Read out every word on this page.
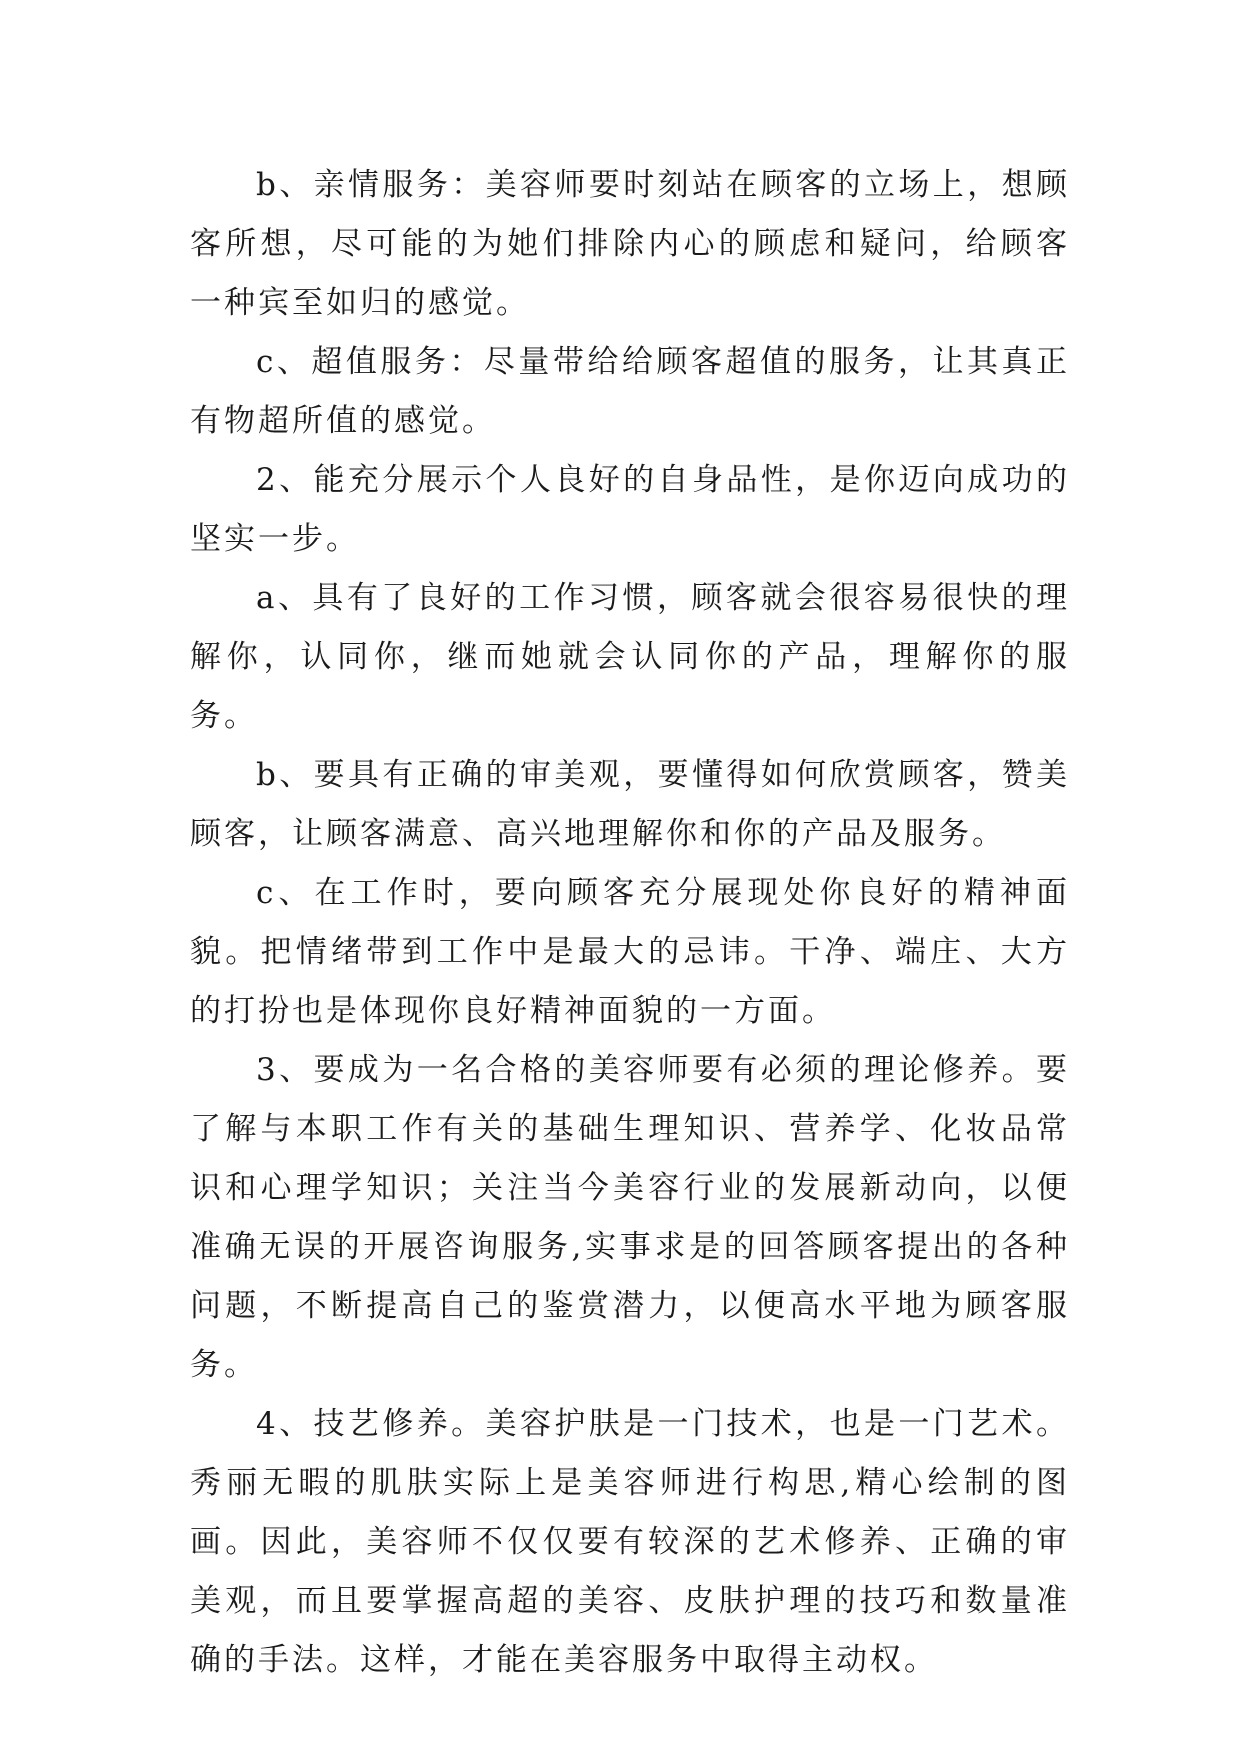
b、亲情服务：美容师要时刻站在顾客的立场上，想顾客所想，尽可能的为她们排除内心的顾虑和疑问，给顾客一种宾至如归的感觉。

c、超值服务：尽量带给给顾客超值的服务，让其真正有物超所值的感觉。

2、能充分展示个人良好的自身品性，是你迈向成功的坚实一步。

a、具有了良好的工作习惯，顾客就会很容易很快的理解你，认同你，继而她就会认同你的产品，理解你的服务。

b、要具有正确的审美观，要懂得如何欣赏顾客，赞美顾客，让顾客满意、高兴地理解你和你的产品及服务。

c、在工作时，要向顾客充分展现处你良好的精神面貌。把情绪带到工作中是最大的忌讳。干净、端庄、大方的打扮也是体现你良好精神面貌的一方面。

3、要成为一名合格的美容师要有必须的理论修养。要了解与本职工作有关的基础生理知识、营养学、化妆品常识和心理学知识；关注当今美容行业的发展新动向，以便准确无误的开展咨询服务,实事求是的回答顾客提出的各种问题，不断提高自己的鉴赏潜力，以便高水平地为顾客服务。

4、技艺修养。美容护肤是一门技术，也是一门艺术。秀丽无暇的肌肤实际上是美容师进行构思,精心绘制的图画。因此，美容师不仅仅要有较深的艺术修养、正确的审美观，而且要掌握高超的美容、皮肤护理的技巧和数量准确的手法。这样，才能在美容服务中取得主动权。
